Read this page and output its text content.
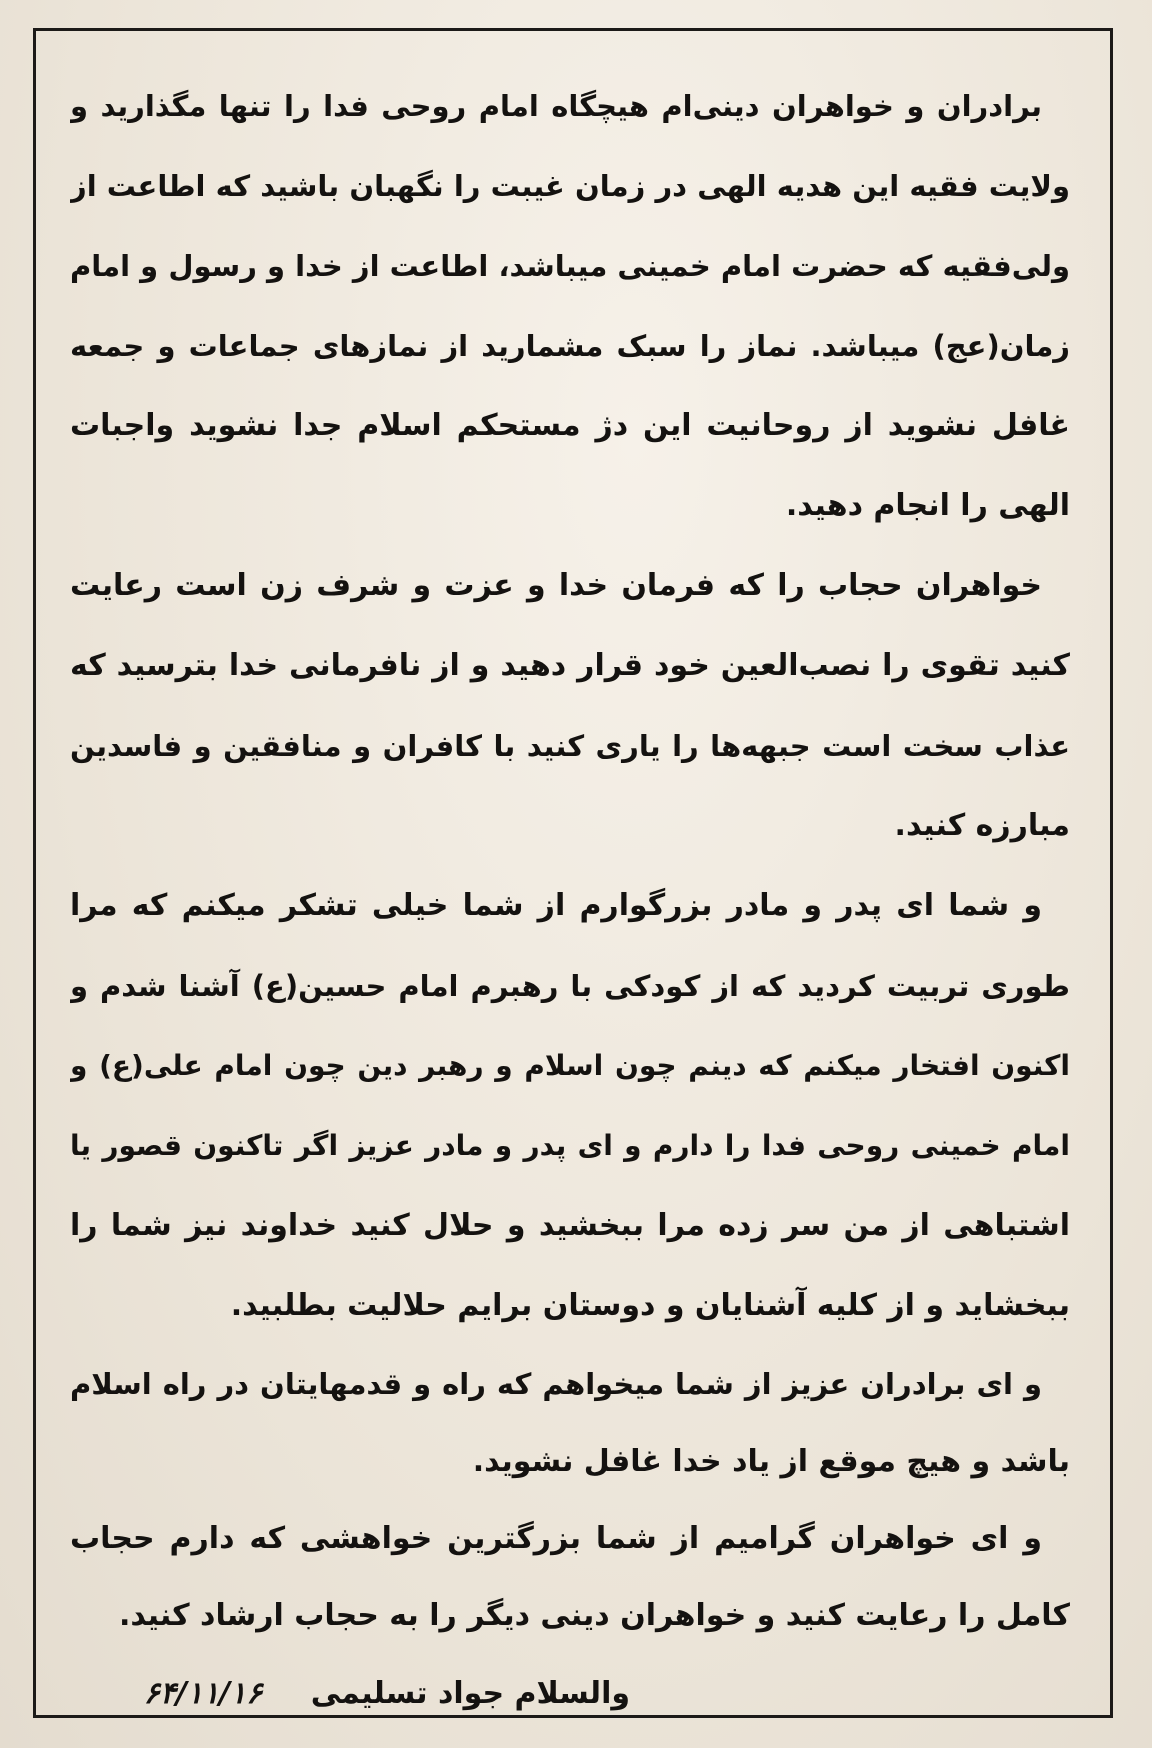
برادران و خواهران دینی‌ام هیچگاه امام روحی فدا را تنها مگذارید و
ولایت فقیه این هدیه الهی در زمان غیبت را نگهبان باشید که اطاعت از
ولی‌فقیه که حضرت امام خمینی میباشد، اطاعت از خدا و رسول و امام
زمان(عج) میباشد. نماز را سبک مشمارید از نمازهای جماعات و جمعه
غافل نشوید از روحانیت این دژ مستحکم اسلام جدا نشوید واجبات
الهی را انجام دهید.
خواهران حجاب را که فرمان خدا و عزت و شرف زن است رعایت
کنید تقوی را نصب‌العین خود قرار دهید و از نافرمانی خدا بترسید که
عذاب سخت است جبهه‌ها را یاری کنید با کافران و منافقین و فاسدین
مبارزه کنید.
و شما ای پدر و مادر بزرگوارم از شما خیلی تشکر میکنم که مرا
طوری تربیت کردید که از کودکی با رهبرم امام حسین(ع) آشنا شدم و
اکنون افتخار میکنم که دینم چون اسلام و رهبر دین چون امام علی(ع) و
امام خمینی روحی فدا را دارم و ای پدر و مادر عزیز اگر تاکنون قصور یا
اشتباهی از من سر زده مرا ببخشید و حلال کنید خداوند نیز شما را
ببخشاید و از کلیه آشنایان و دوستان برایم حلالیت بطلبید.
و ای برادران عزیز از شما میخواهم که راه و قدمهایتان در راه اسلام
باشد و هیچ موقع از یاد خدا غافل نشوید.
و ای خواهران گرامیم از شما بزرگترین خواهشی که دارم حجاب
کامل را رعایت کنید و خواهران دینی دیگر را به حجاب ارشاد کنید.
والسلام جواد تسلیمی ۶۴/۱۱/۱۶
